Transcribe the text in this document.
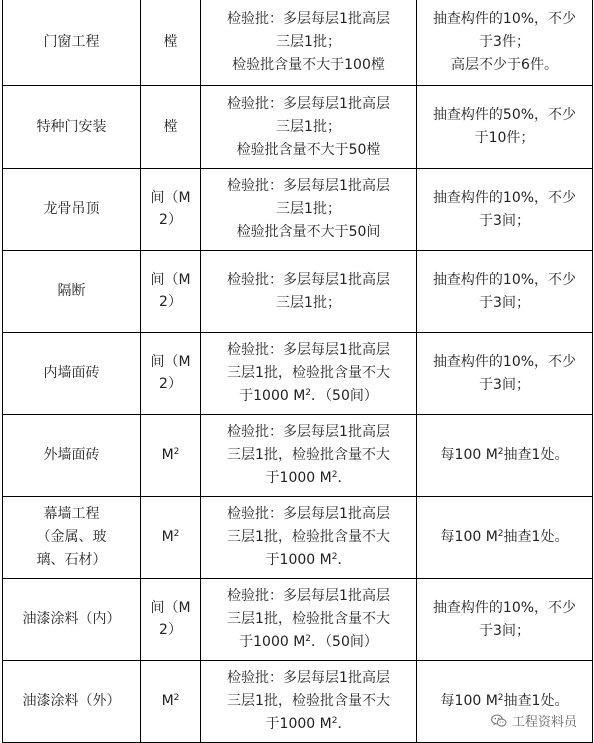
门窗工程	樘	检验批：多层每层1批高层
三层1批；
检验批含量不大于100樘	抽查构件的10%，不少
于3件；
高层不少于6件。

特种门安装	樘	检验批：多层每层1批高层
三层1批；
检验批含量不大于50樘	抽查构件的50%，不少
于10件；

龙骨吊顶	间（M
2）	检验批：多层每层1批高层
三层1批；
检验批含量不大于50间	抽查构件的10%，不少
于3间；

隔断	间（M
2）	检验批：多层每层1批高层
三层1批；	抽查构件的10%，不少
于3间；

内墙面砖	间（M
2）	检验批：多层每层1批高层
三层1批，检验批含量不大
于1000 $M^2$．（50间）	抽查构件的10%，不少
于3间；

外墙面砖	$M^2$	检验批：多层每层1批高层
三层1批，检验批含量不大
于1000 $M^2$．	每100 $M^2$抽查1处。

幕墙工程
（金属、玻
璃、石材）	$M^2$	检验批：多层每层1批高层
三层1批，检验批含量不大
于1000 $M^2$．	每100 $M^2$抽查1处。

油漆涂料（内）	间（M
2）	检验批：多层每层1批高层
三层1批，检验批含量不大
于1000 $M^2$．（50间）	抽查构件的10%，不少
于3间；

油漆涂料（外）	$M^2$	检验批：多层每层1批高层
三层1批，检验批含量不大
于1000 $M^2$．	每100 $M^2$抽查1处。
工程资料员
